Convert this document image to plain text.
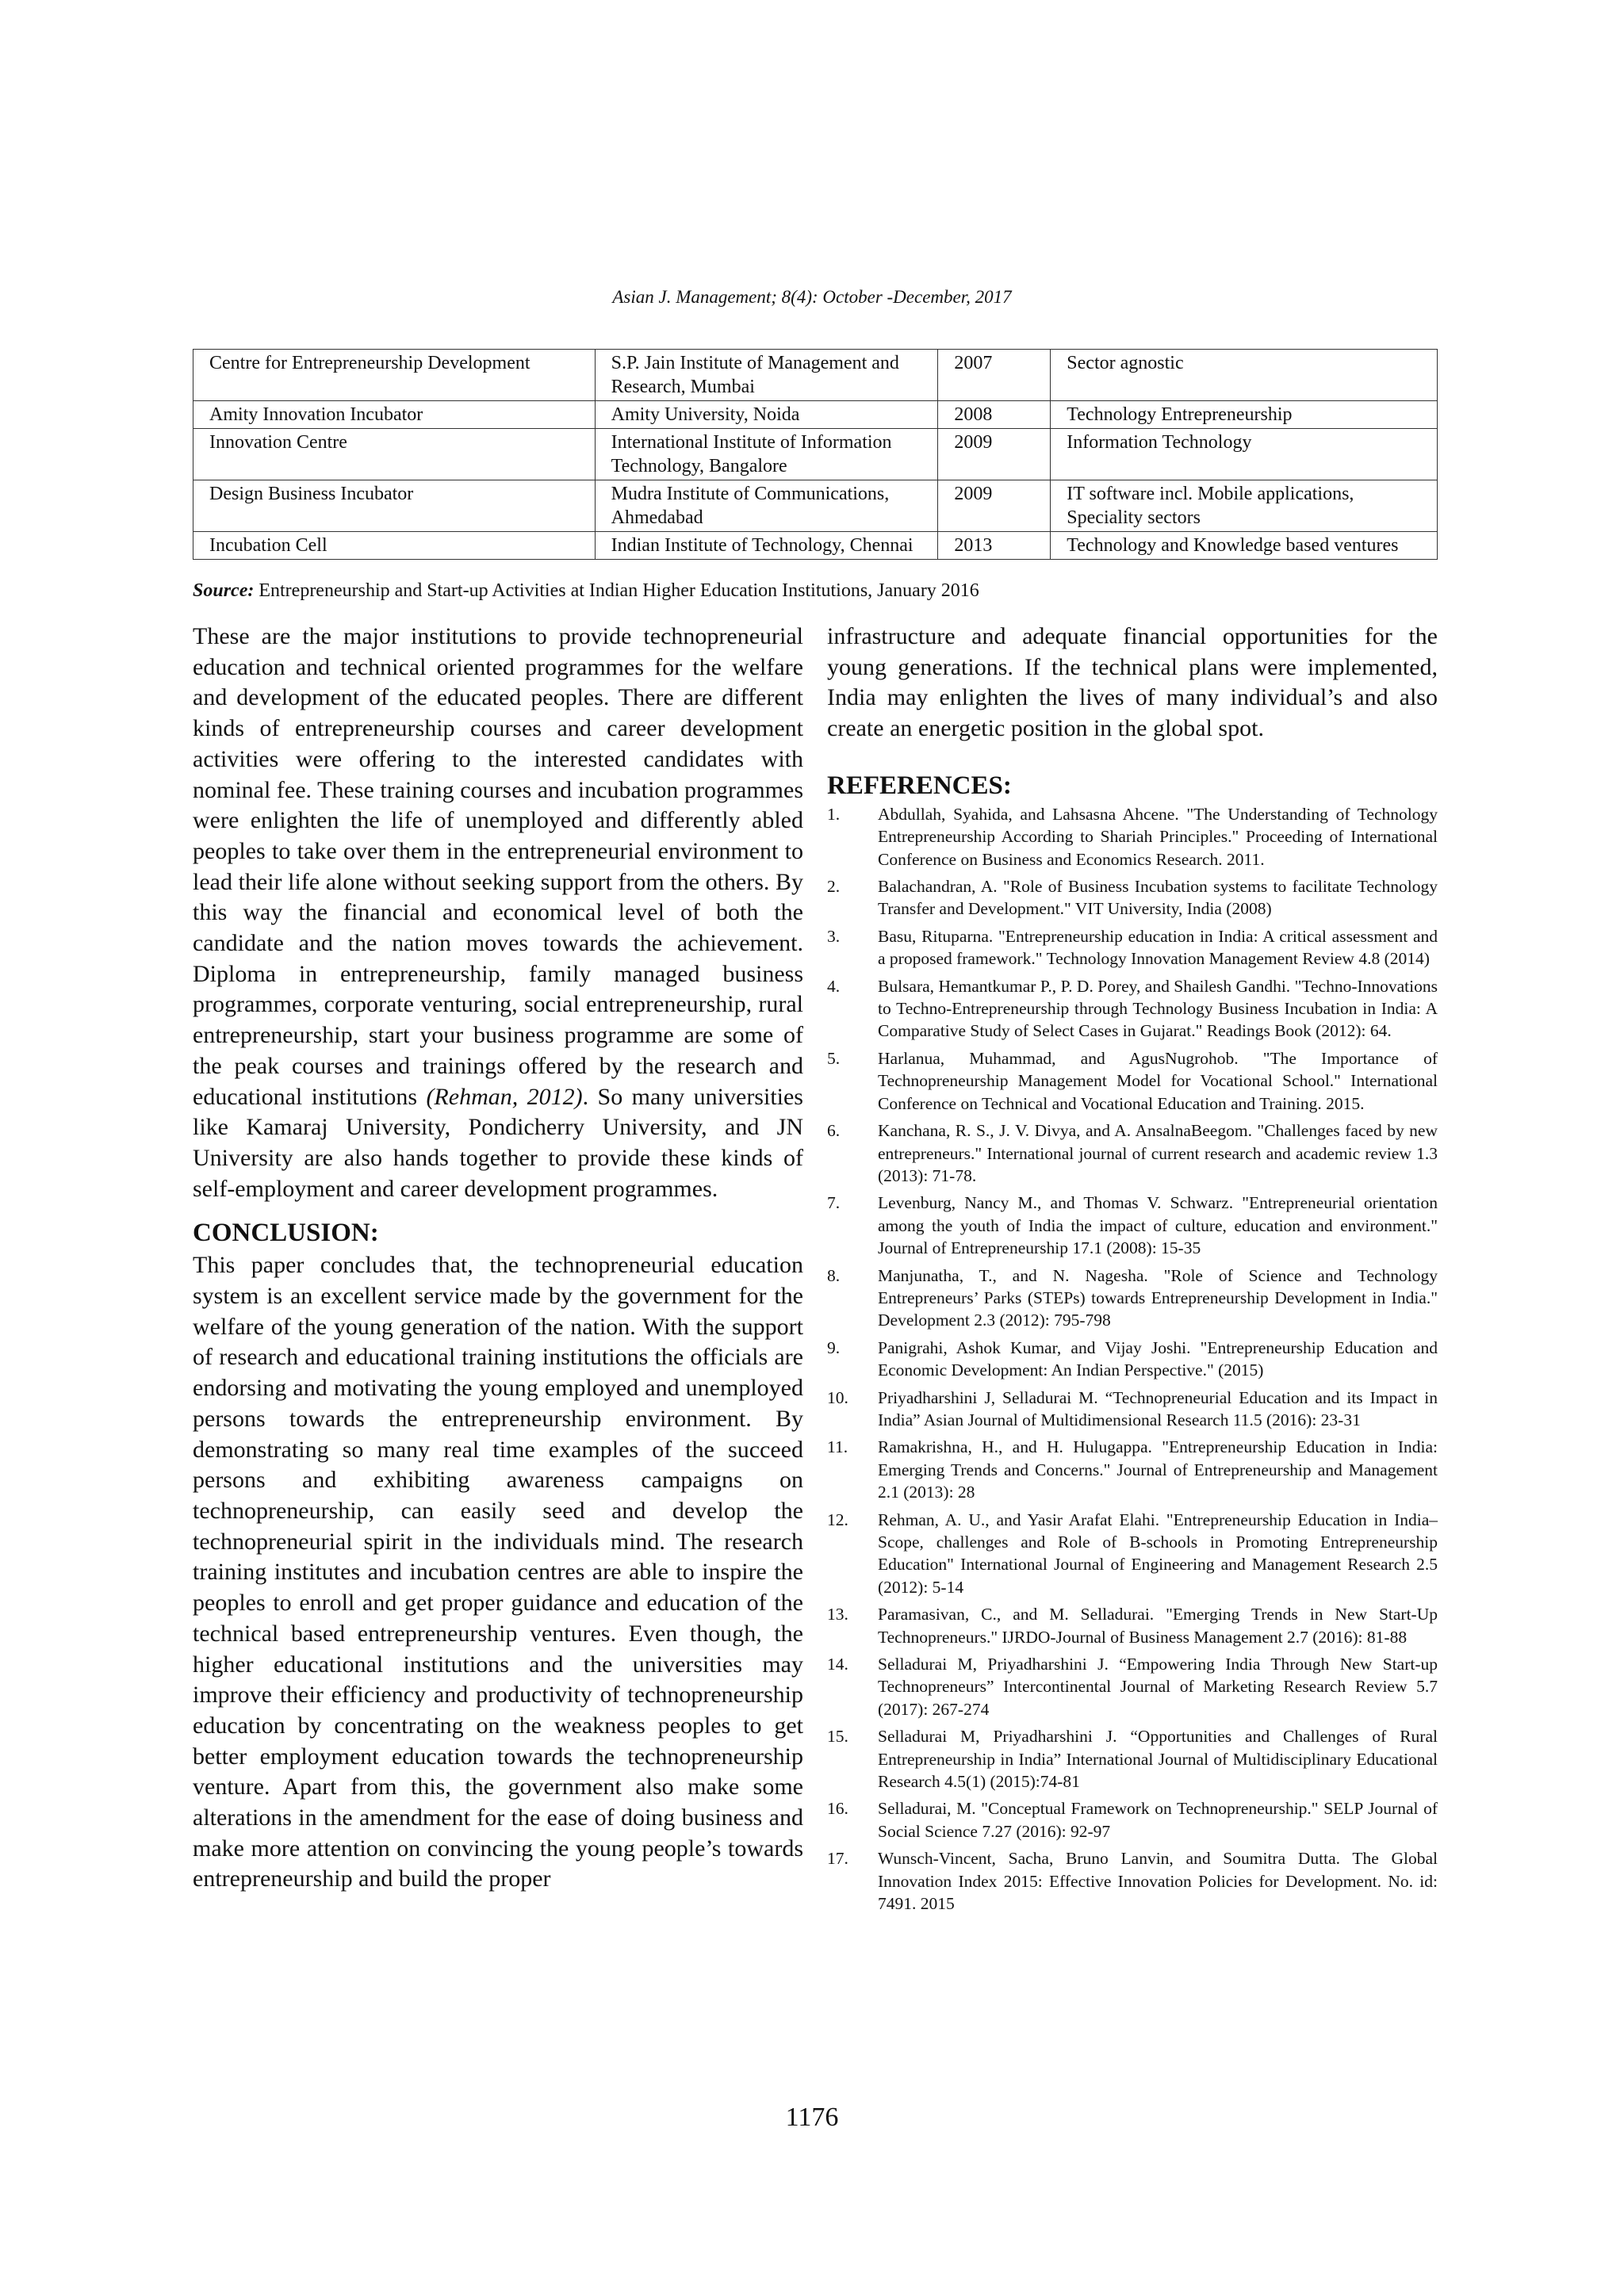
Asian J. Management; 8(4): October -December, 2017
Centre for Entrepreneurship Development	S.P. Jain Institute of Management and Research, Mumbai	2007	Sector agnostic
Amity Innovation Incubator	Amity University, Noida	2008	Technology Entrepreneurship
Innovation Centre	International Institute of Information Technology, Bangalore	2009	Information Technology
Design Business Incubator	Mudra Institute of Communications, Ahmedabad	2009	IT software incl. Mobile applications, Speciality sectors
Incubation Cell	Indian Institute of Technology, Chennai	2013	Technology and Knowledge based ventures
Source: Entrepreneurship and Start-up Activities at Indian Higher Education Institutions, January 2016

These are the major institutions to provide technopreneurial education and technical oriented programmes for the welfare and development of the educated peoples. There are different kinds of entrepreneurship courses and career development activities were offering to the interested candidates with nominal fee. These training courses and incubation programmes were enlighten the life of unemployed and differently abled peoples to take over them in the entrepreneurial environment to lead their life alone without seeking support from the others. By this way the financial and economical level of both the candidate and the nation moves towards the achievement. Diploma in entrepreneurship, family managed business programmes, corporate venturing, social entrepreneurship, rural entrepreneurship, start your business programme are some of the peak courses and trainings offered by the research and educational institutions (Rehman, 2012). So many universities like Kamaraj University, Pondicherry University, and JN University are also hands together to provide these kinds of self-employment and career development programmes.

CONCLUSION:

This paper concludes that, the technopreneurial education system is an excellent service made by the government for the welfare of the young generation of the nation. With the support of research and educational training institutions the officials are endorsing and motivating the young employed and unemployed persons towards the entrepreneurship environment. By demonstrating so many real time examples of the succeed persons and exhibiting awareness campaigns on technopreneurship, can easily seed and develop the technopreneurial spirit in the individuals mind. The research training institutes and incubation centres are able to inspire the peoples to enroll and get proper guidance and education of the technical based entrepreneurship ventures. Even though, the higher educational institutions and the universities may improve their efficiency and productivity of technopreneurship education by concentrating on the weakness peoples to get better employment education towards the technopreneurship venture. Apart from this, the government also make some alterations in the amendment for the ease of doing business and make more attention on convincing the young people’s towards entrepreneurship and build the proper

infrastructure and adequate financial opportunities for the young generations. If the technical plans were implemented, India may enlighten the lives of many individual’s and also create an energetic position in the global spot.

REFERENCES:
1. Abdullah, Syahida, and Lahsasna Ahcene. "The Understanding of Technology Entrepreneurship According to Shariah Principles." Proceeding of International Conference on Business and Economics Research. 2011.
2. Balachandran, A. "Role of Business Incubation systems to facilitate Technology Transfer and Development." VIT University, India (2008)
3. Basu, Rituparna. "Entrepreneurship education in India: A critical assessment and a proposed framework." Technology Innovation Management Review 4.8 (2014)
4. Bulsara, Hemantkumar P., P. D. Porey, and Shailesh Gandhi. "Techno-Innovations to Techno-Entrepreneurship through Technology Business Incubation in India: A Comparative Study of Select Cases in Gujarat." Readings Book (2012): 64.
5. Harlanua, Muhammad, and AgusNugrohob. "The Importance of Technopreneurship Management Model for Vocational School." International Conference on Technical and Vocational Education and Training. 2015.
6. Kanchana, R. S., J. V. Divya, and A. AnsalnaBeegom. "Challenges faced by new entrepreneurs." International journal of current research and academic review 1.3 (2013): 71-78.
7. Levenburg, Nancy M., and Thomas V. Schwarz. "Entrepreneurial orientation among the youth of India the impact of culture, education and environment." Journal of Entrepreneurship 17.1 (2008): 15-35
8. Manjunatha, T., and N. Nagesha. "Role of Science and Technology Entrepreneurs’ Parks (STEPs) towards Entrepreneurship Development in India." Development 2.3 (2012): 795-798
9. Panigrahi, Ashok Kumar, and Vijay Joshi. "Entrepreneurship Education and Economic Development: An Indian Perspective." (2015)
10. Priyadharshini J, Selladurai M. “Technopreneurial Education and its Impact in India” Asian Journal of Multidimensional Research 11.5 (2016): 23-31
11. Ramakrishna, H., and H. Hulugappa. "Entrepreneurship Education in India: Emerging Trends and Concerns." Journal of Entrepreneurship and Management 2.1 (2013): 28
12. Rehman, A. U., and Yasir Arafat Elahi. "Entrepreneurship Education in India–Scope, challenges and Role of B-schools in Promoting Entrepreneurship Education" International Journal of Engineering and Management Research 2.5 (2012): 5-14
13. Paramasivan, C., and M. Selladurai. "Emerging Trends in New Start-Up Technopreneurs." IJRDO-Journal of Business Management 2.7 (2016): 81-88
14. Selladurai M, Priyadharshini J. “Empowering India Through New Start-up Technopreneurs” Intercontinental Journal of Marketing Research Review 5.7 (2017): 267-274
15. Selladurai M, Priyadharshini J. “Opportunities and Challenges of Rural Entrepreneurship in India” International Journal of Multidisciplinary Educational Research 4.5(1) (2015):74-81
16. Selladurai, M. "Conceptual Framework on Technopreneurship." SELP Journal of Social Science 7.27 (2016): 92-97
17. Wunsch-Vincent, Sacha, Bruno Lanvin, and Soumitra Dutta. The Global Innovation Index 2015: Effective Innovation Policies for Development. No. id: 7491. 2015
1176
